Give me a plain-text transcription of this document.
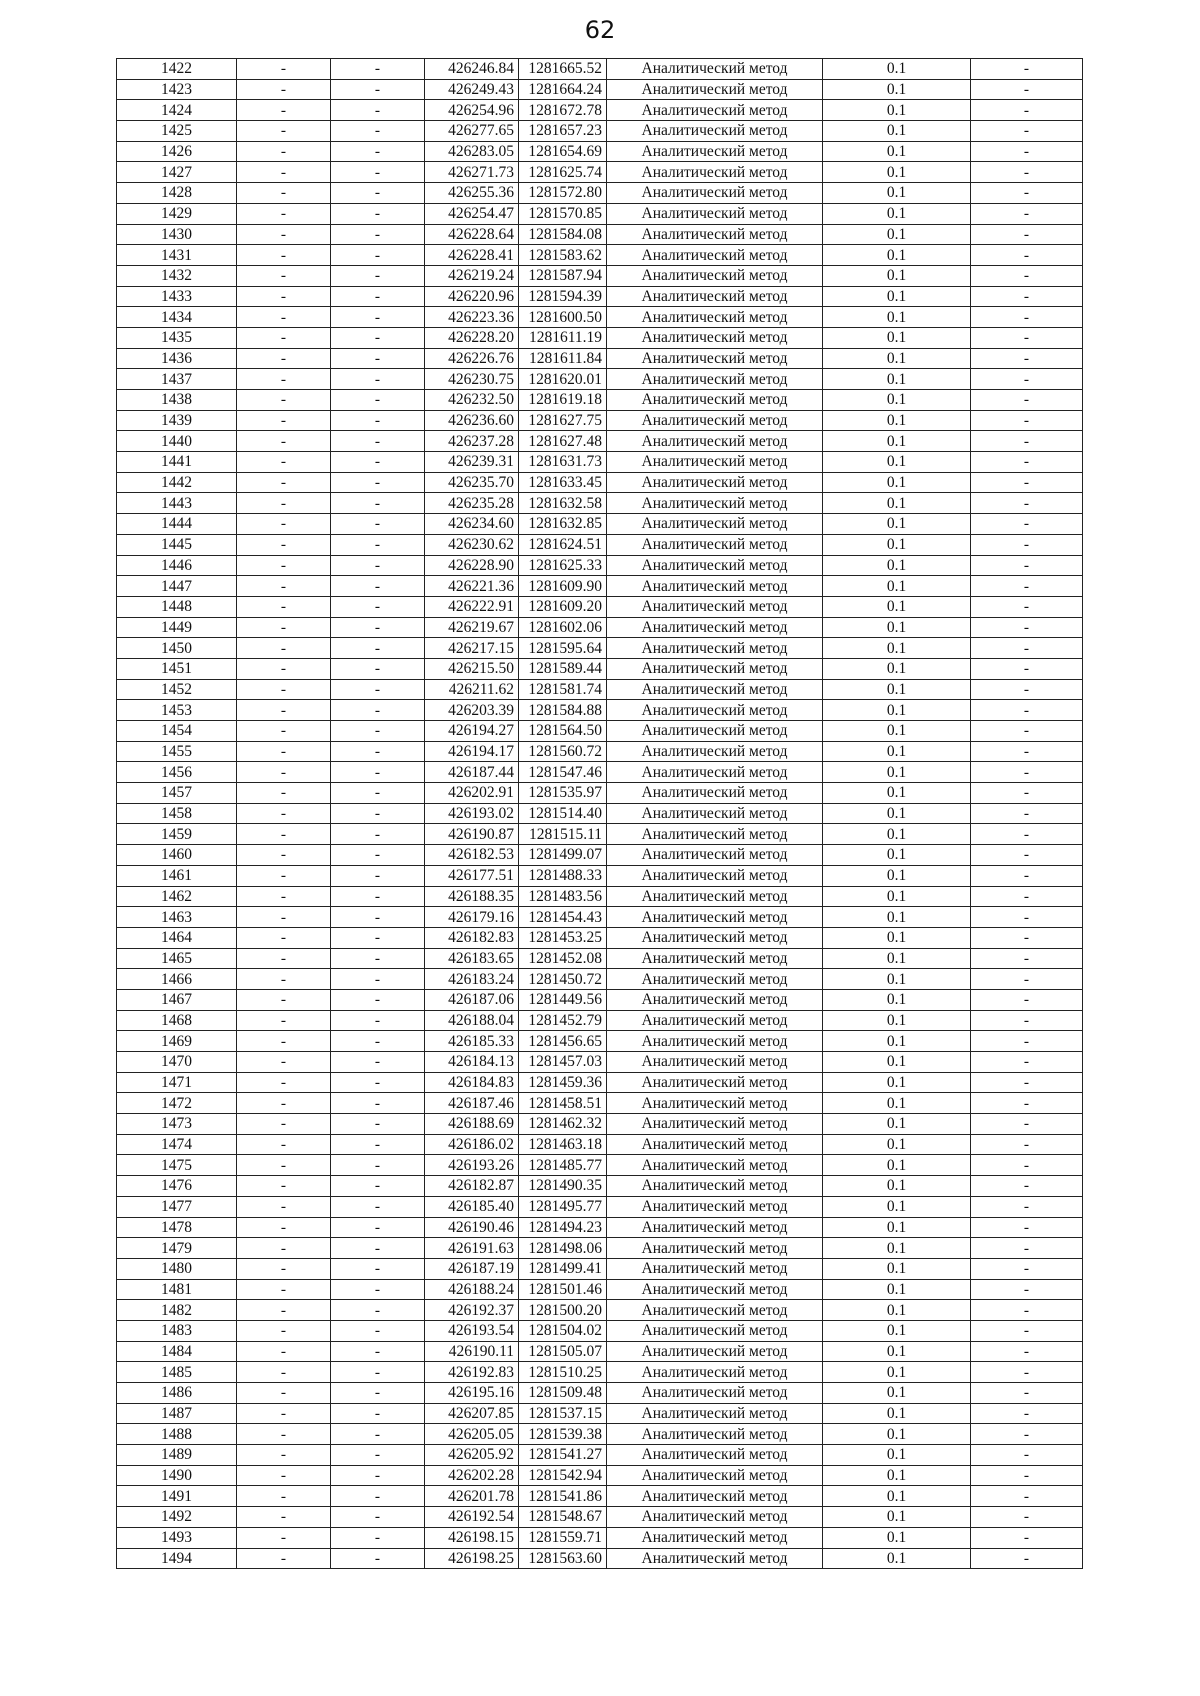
62
1422	-	-	426246.84	1281665.52	Аналитический метод	0.1	-
1423	-	-	426249.43	1281664.24	Аналитический метод	0.1	-
1424	-	-	426254.96	1281672.78	Аналитический метод	0.1	-
1425	-	-	426277.65	1281657.23	Аналитический метод	0.1	-
1426	-	-	426283.05	1281654.69	Аналитический метод	0.1	-
1427	-	-	426271.73	1281625.74	Аналитический метод	0.1	-
1428	-	-	426255.36	1281572.80	Аналитический метод	0.1	-
1429	-	-	426254.47	1281570.85	Аналитический метод	0.1	-
1430	-	-	426228.64	1281584.08	Аналитический метод	0.1	-
1431	-	-	426228.41	1281583.62	Аналитический метод	0.1	-
1432	-	-	426219.24	1281587.94	Аналитический метод	0.1	-
1433	-	-	426220.96	1281594.39	Аналитический метод	0.1	-
1434	-	-	426223.36	1281600.50	Аналитический метод	0.1	-
1435	-	-	426228.20	1281611.19	Аналитический метод	0.1	-
1436	-	-	426226.76	1281611.84	Аналитический метод	0.1	-
1437	-	-	426230.75	1281620.01	Аналитический метод	0.1	-
1438	-	-	426232.50	1281619.18	Аналитический метод	0.1	-
1439	-	-	426236.60	1281627.75	Аналитический метод	0.1	-
1440	-	-	426237.28	1281627.48	Аналитический метод	0.1	-
1441	-	-	426239.31	1281631.73	Аналитический метод	0.1	-
1442	-	-	426235.70	1281633.45	Аналитический метод	0.1	-
1443	-	-	426235.28	1281632.58	Аналитический метод	0.1	-
1444	-	-	426234.60	1281632.85	Аналитический метод	0.1	-
1445	-	-	426230.62	1281624.51	Аналитический метод	0.1	-
1446	-	-	426228.90	1281625.33	Аналитический метод	0.1	-
1447	-	-	426221.36	1281609.90	Аналитический метод	0.1	-
1448	-	-	426222.91	1281609.20	Аналитический метод	0.1	-
1449	-	-	426219.67	1281602.06	Аналитический метод	0.1	-
1450	-	-	426217.15	1281595.64	Аналитический метод	0.1	-
1451	-	-	426215.50	1281589.44	Аналитический метод	0.1	-
1452	-	-	426211.62	1281581.74	Аналитический метод	0.1	-
1453	-	-	426203.39	1281584.88	Аналитический метод	0.1	-
1454	-	-	426194.27	1281564.50	Аналитический метод	0.1	-
1455	-	-	426194.17	1281560.72	Аналитический метод	0.1	-
1456	-	-	426187.44	1281547.46	Аналитический метод	0.1	-
1457	-	-	426202.91	1281535.97	Аналитический метод	0.1	-
1458	-	-	426193.02	1281514.40	Аналитический метод	0.1	-
1459	-	-	426190.87	1281515.11	Аналитический метод	0.1	-
1460	-	-	426182.53	1281499.07	Аналитический метод	0.1	-
1461	-	-	426177.51	1281488.33	Аналитический метод	0.1	-
1462	-	-	426188.35	1281483.56	Аналитический метод	0.1	-
1463	-	-	426179.16	1281454.43	Аналитический метод	0.1	-
1464	-	-	426182.83	1281453.25	Аналитический метод	0.1	-
1465	-	-	426183.65	1281452.08	Аналитический метод	0.1	-
1466	-	-	426183.24	1281450.72	Аналитический метод	0.1	-
1467	-	-	426187.06	1281449.56	Аналитический метод	0.1	-
1468	-	-	426188.04	1281452.79	Аналитический метод	0.1	-
1469	-	-	426185.33	1281456.65	Аналитический метод	0.1	-
1470	-	-	426184.13	1281457.03	Аналитический метод	0.1	-
1471	-	-	426184.83	1281459.36	Аналитический метод	0.1	-
1472	-	-	426187.46	1281458.51	Аналитический метод	0.1	-
1473	-	-	426188.69	1281462.32	Аналитический метод	0.1	-
1474	-	-	426186.02	1281463.18	Аналитический метод	0.1	-
1475	-	-	426193.26	1281485.77	Аналитический метод	0.1	-
1476	-	-	426182.87	1281490.35	Аналитический метод	0.1	-
1477	-	-	426185.40	1281495.77	Аналитический метод	0.1	-
1478	-	-	426190.46	1281494.23	Аналитический метод	0.1	-
1479	-	-	426191.63	1281498.06	Аналитический метод	0.1	-
1480	-	-	426187.19	1281499.41	Аналитический метод	0.1	-
1481	-	-	426188.24	1281501.46	Аналитический метод	0.1	-
1482	-	-	426192.37	1281500.20	Аналитический метод	0.1	-
1483	-	-	426193.54	1281504.02	Аналитический метод	0.1	-
1484	-	-	426190.11	1281505.07	Аналитический метод	0.1	-
1485	-	-	426192.83	1281510.25	Аналитический метод	0.1	-
1486	-	-	426195.16	1281509.48	Аналитический метод	0.1	-
1487	-	-	426207.85	1281537.15	Аналитический метод	0.1	-
1488	-	-	426205.05	1281539.38	Аналитический метод	0.1	-
1489	-	-	426205.92	1281541.27	Аналитический метод	0.1	-
1490	-	-	426202.28	1281542.94	Аналитический метод	0.1	-
1491	-	-	426201.78	1281541.86	Аналитический метод	0.1	-
1492	-	-	426192.54	1281548.67	Аналитический метод	0.1	-
1493	-	-	426198.15	1281559.71	Аналитический метод	0.1	-
1494	-	-	426198.25	1281563.60	Аналитический метод	0.1	-
